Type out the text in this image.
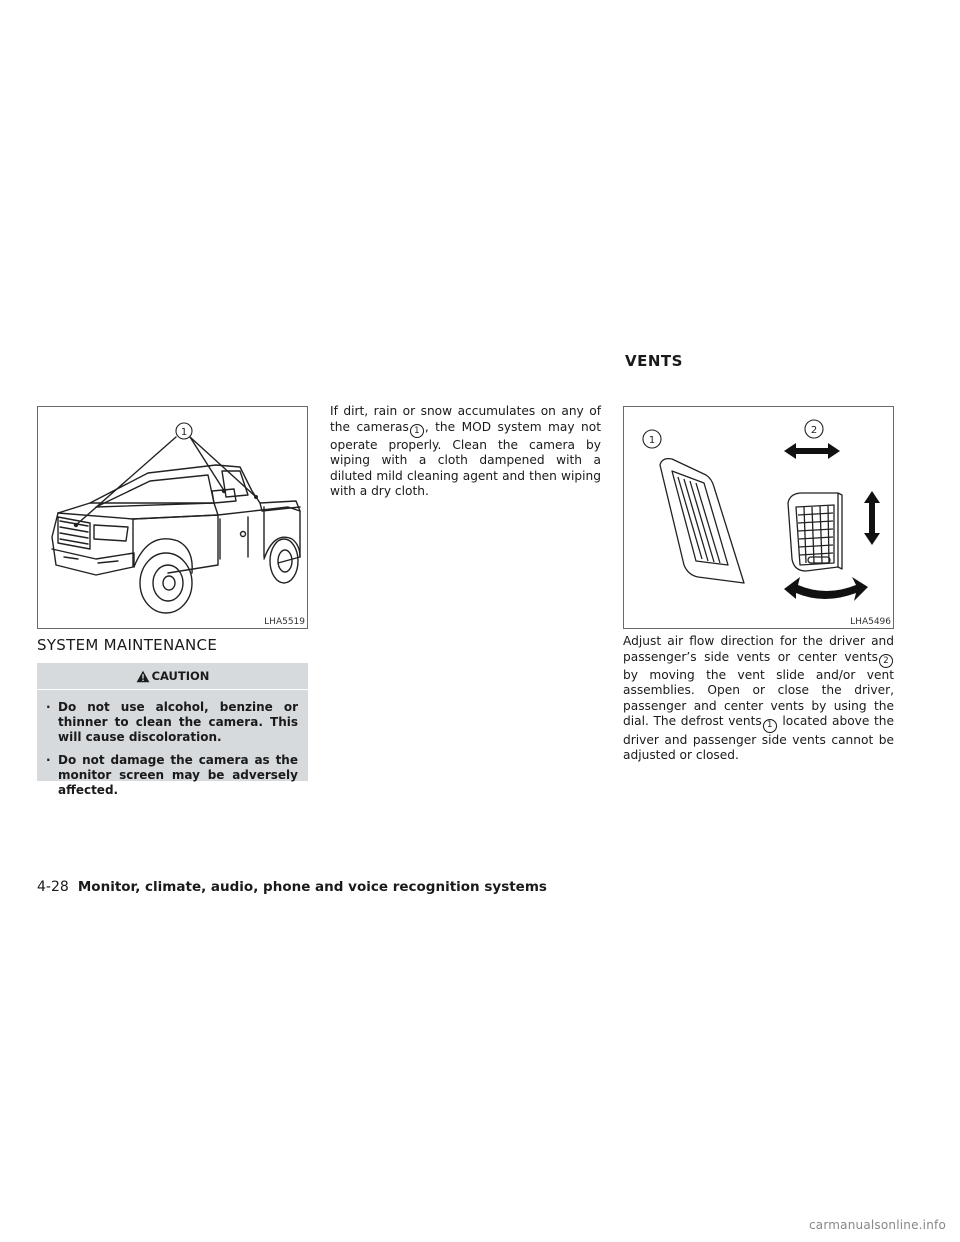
VENTS
1
LHA5519
SYSTEM MAINTENANCE
CAUTION
· Do not use alcohol, benzine or thinner to clean the camera. This will cause discoloration.
· Do not damage the camera as the monitor screen may be adversely affected.
If dirt, rain or snow accumulates on any of the cameras 1 , the MOD system may not operate properly. Clean the camera by wiping with a cloth dampened with a diluted mild cleaning agent and then wiping with a dry cloth.
1
2
LHA5496
Adjust air flow direction for the driver and passenger’s side vents or center vents 2 by moving the vent slide and/or vent assemblies. Open or close the driver, passenger and center vents by using the dial. The defrost vents 1 located above the driver and passenger side vents cannot be adjusted or closed.
4-28 Monitor, climate, audio, phone and voice recognition systems
carmanualsonline.info
